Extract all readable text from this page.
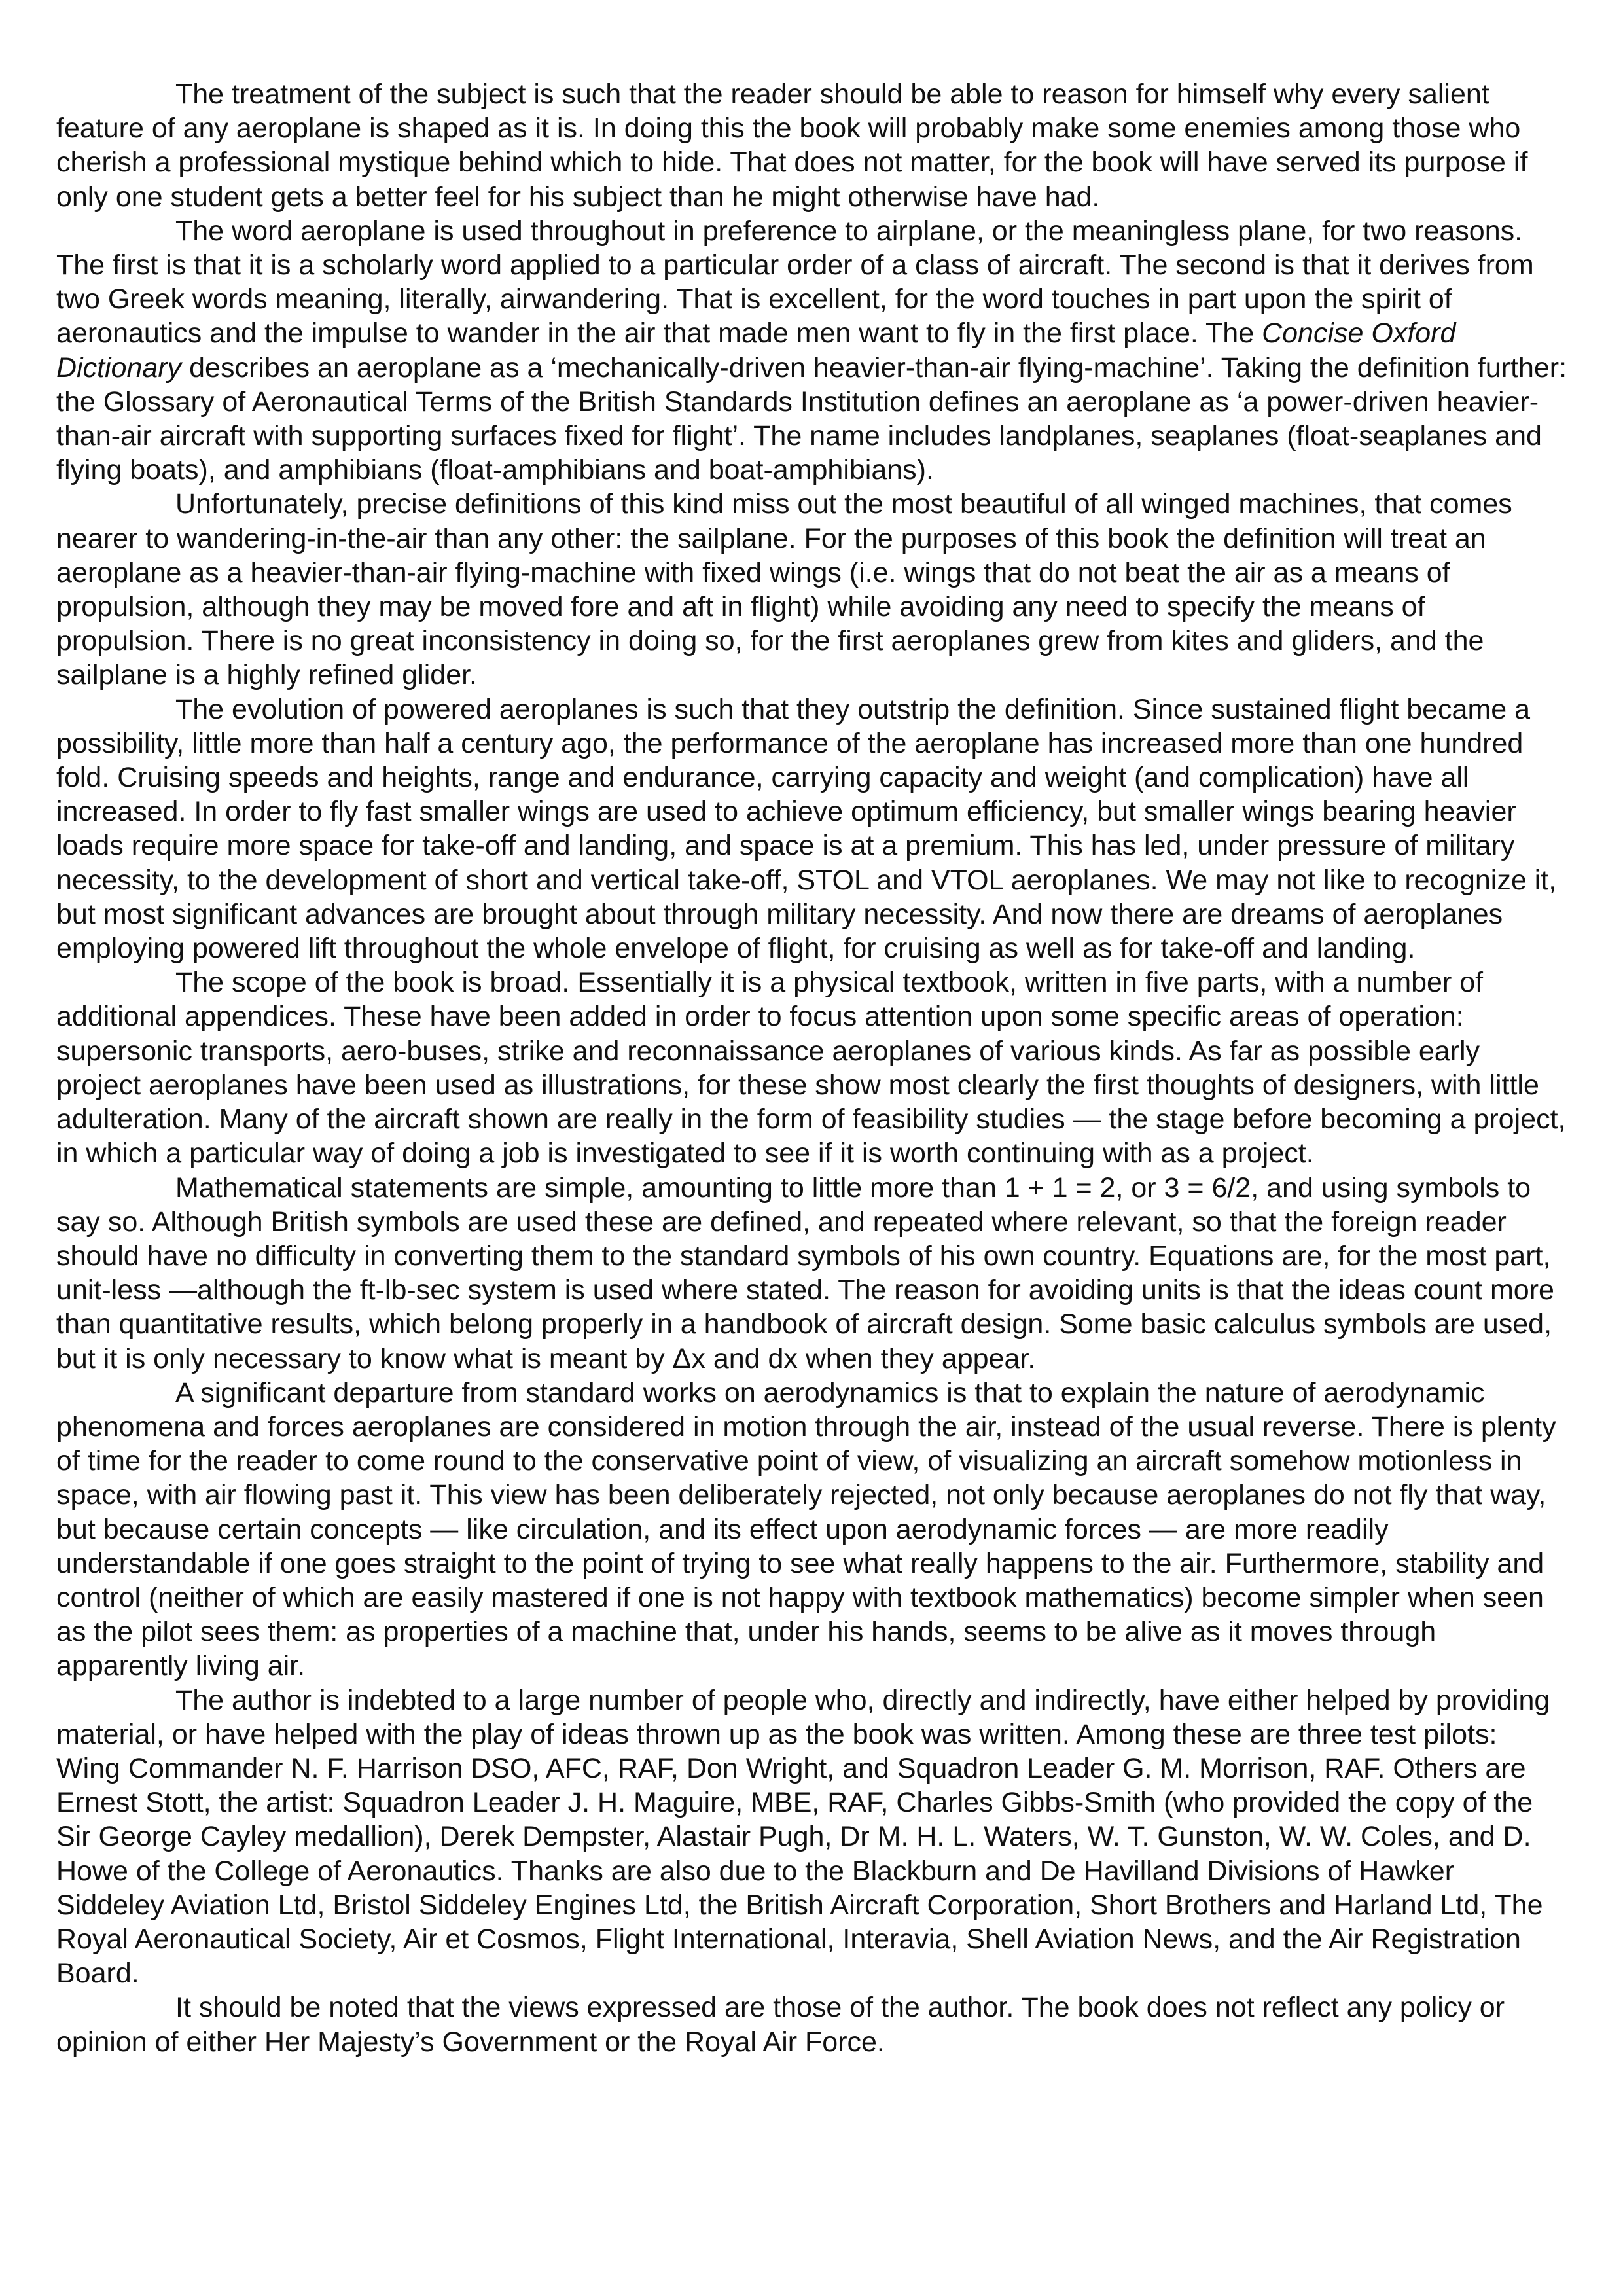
The treatment of the subject is such that the reader should be able to reason for himself why every salient feature of any aeroplane is shaped as it is. In doing this the book will probably make some enemies among those who cherish a professional mystique behind which to hide. That does not matter, for the book will have served its purpose if only one student gets a better feel for his subject than he might otherwise have had.

The word aeroplane is used throughout in preference to airplane, or the meaningless plane, for two reasons. The first is that it is a scholarly word applied to a particular order of a class of aircraft. The second is that it derives from two Greek words meaning, literally, airwandering. That is excellent, for the word touches in part upon the spirit of aeronautics and the impulse to wander in the air that made men want to fly in the first place. The Concise Oxford Dictionary describes an aeroplane as a ‘mechanically-driven heavier-than-air flying-machine’. Taking the definition further: the Glossary of Aeronautical Terms of the British Standards Institution defines an aeroplane as ‘a power-driven heavier-than-air aircraft with supporting surfaces fixed for flight’. The name includes landplanes, seaplanes (float-seaplanes and flying boats), and amphibians (float-amphibians and boat-amphibians).

Unfortunately, precise definitions of this kind miss out the most beautiful of all winged machines, that comes nearer to wandering-in-the-air than any other: the sailplane. For the purposes of this book the definition will treat an aeroplane as a heavier-than-air flying-machine with fixed wings (i.e. wings that do not beat the air as a means of propulsion, although they may be moved fore and aft in flight) while avoiding any need to specify the means of propulsion. There is no great inconsistency in doing so, for the first aeroplanes grew from kites and gliders, and the sailplane is a highly refined glider.

The evolution of powered aeroplanes is such that they outstrip the definition. Since sustained flight became a possibility, little more than half a century ago, the performance of the aeroplane has increased more than one hundred fold. Cruising speeds and heights, range and endurance, carrying capacity and weight (and complication) have all increased. In order to fly fast smaller wings are used to achieve optimum efficiency, but smaller wings bearing heavier loads require more space for take-off and landing, and space is at a premium. This has led, under pressure of military necessity, to the development of short and vertical take-off, STOL and VTOL aeroplanes. We may not like to recognize it, but most significant advances are brought about through military necessity. And now there are dreams of aeroplanes employing powered lift throughout the whole envelope of flight, for cruising as well as for take-off and landing.

The scope of the book is broad. Essentially it is a physical textbook, written in five parts, with a number of additional appendices. These have been added in order to focus attention upon some specific areas of operation: supersonic transports, aero-buses, strike and reconnaissance aeroplanes of various kinds. As far as possible early project aeroplanes have been used as illustrations, for these show most clearly the first thoughts of designers, with little adulteration. Many of the aircraft shown are really in the form of feasibility studies — the stage before becoming a project, in which a particular way of doing a job is investigated to see if it is worth continuing with as a project.

Mathematical statements are simple, amounting to little more than 1 + 1 = 2, or 3 = 6/2, and using symbols to say so. Although British symbols are used these are defined, and repeated where relevant, so that the foreign reader should have no difficulty in converting them to the standard symbols of his own country. Equations are, for the most part, unit-less —although the ft-lb-sec system is used where stated. The reason for avoiding units is that the ideas count more than quantitative results, which belong properly in a handbook of aircraft design. Some basic calculus symbols are used, but it is only necessary to know what is meant by Δx and dx when they appear.

A significant departure from standard works on aerodynamics is that to explain the nature of aerodynamic phenomena and forces aeroplanes are considered in motion through the air, instead of the usual reverse. There is plenty of time for the reader to come round to the conservative point of view, of visualizing an aircraft somehow motionless in space, with air flowing past it. This view has been deliberately rejected, not only because aeroplanes do not fly that way, but because certain concepts — like circulation, and its effect upon aerodynamic forces — are more readily understandable if one goes straight to the point of trying to see what really happens to the air. Furthermore, stability and control (neither of which are easily mastered if one is not happy with textbook mathematics) become simpler when seen as the pilot sees them: as properties of a machine that, under his hands, seems to be alive as it moves through apparently living air.

The author is indebted to a large number of people who, directly and indirectly, have either helped by providing material, or have helped with the play of ideas thrown up as the book was written. Among these are three test pilots: Wing Commander N. F. Harrison DSO, AFC, RAF, Don Wright, and Squadron Leader G. M. Morrison, RAF. Others are Ernest Stott, the artist: Squadron Leader J. H. Maguire, MBE, RAF, Charles Gibbs-Smith (who provided the copy of the Sir George Cayley medallion), Derek Dempster, Alastair Pugh, Dr M. H. L. Waters, W. T. Gunston, W. W. Coles, and D. Howe of the College of Aeronautics. Thanks are also due to the Blackburn and De Havilland Divisions of Hawker Siddeley Aviation Ltd, Bristol Siddeley Engines Ltd, the British Aircraft Corporation, Short Brothers and Harland Ltd, The Royal Aeronautical Society, Air et Cosmos, Flight International, Interavia, Shell Aviation News, and the Air Registration Board.

It should be noted that the views expressed are those of the author. The book does not reflect any policy or opinion of either Her Majesty’s Government or the Royal Air Force.
